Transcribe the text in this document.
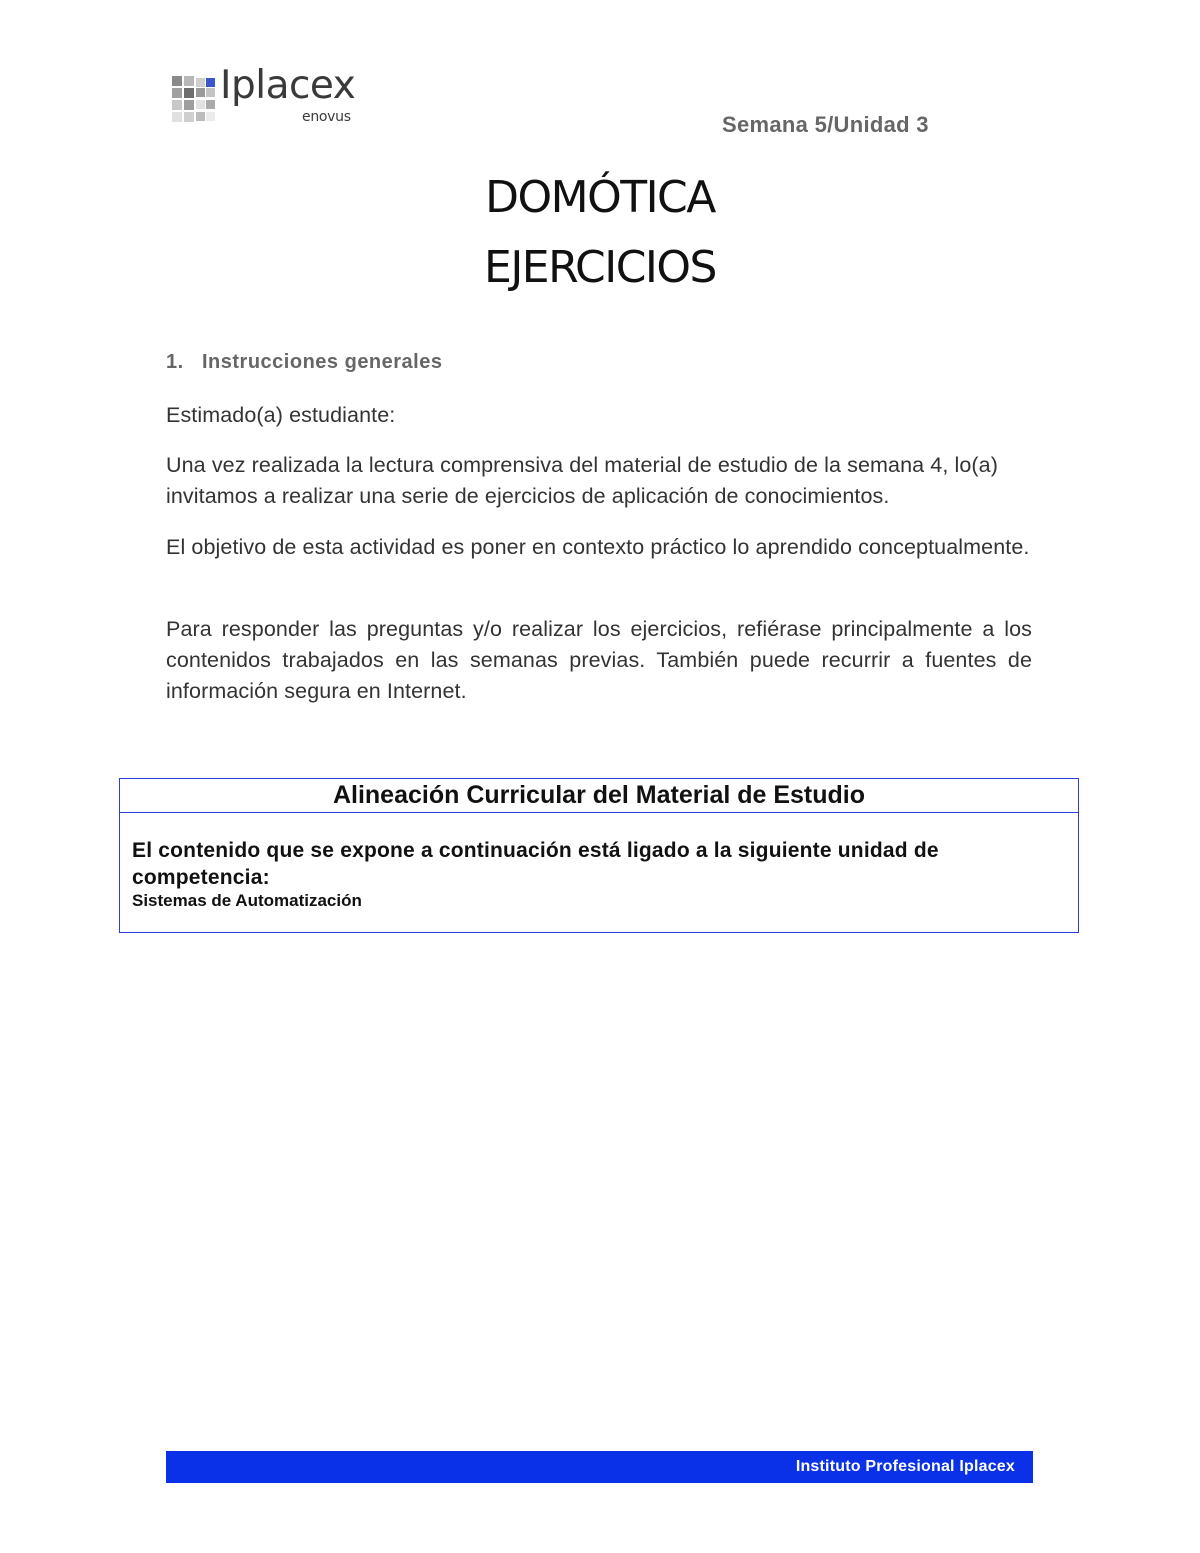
Iplacex
enovus	Semana 5/Unidad 3
DOMÓTICA
EJERCICIOS
1. Instrucciones generales

Estimado(a) estudiante:

Una vez realizada la lectura comprensiva del material de estudio de la semana 4, lo(a) invitamos a realizar una serie de ejercicios de aplicación de conocimientos.

El objetivo de esta actividad es poner en contexto práctico lo aprendido conceptualmente.

Para responder las preguntas y/o realizar los ejercicios, refiérase principalmente a los contenidos trabajados en las semanas previas. También puede recurrir a fuentes de información segura en Internet.

Alineación Curricular del Material de Estudio

El contenido que se expone a continuación está ligado a la siguiente unidad de competencia:

Sistemas de Automatización

Instituto Profesional Iplacex
